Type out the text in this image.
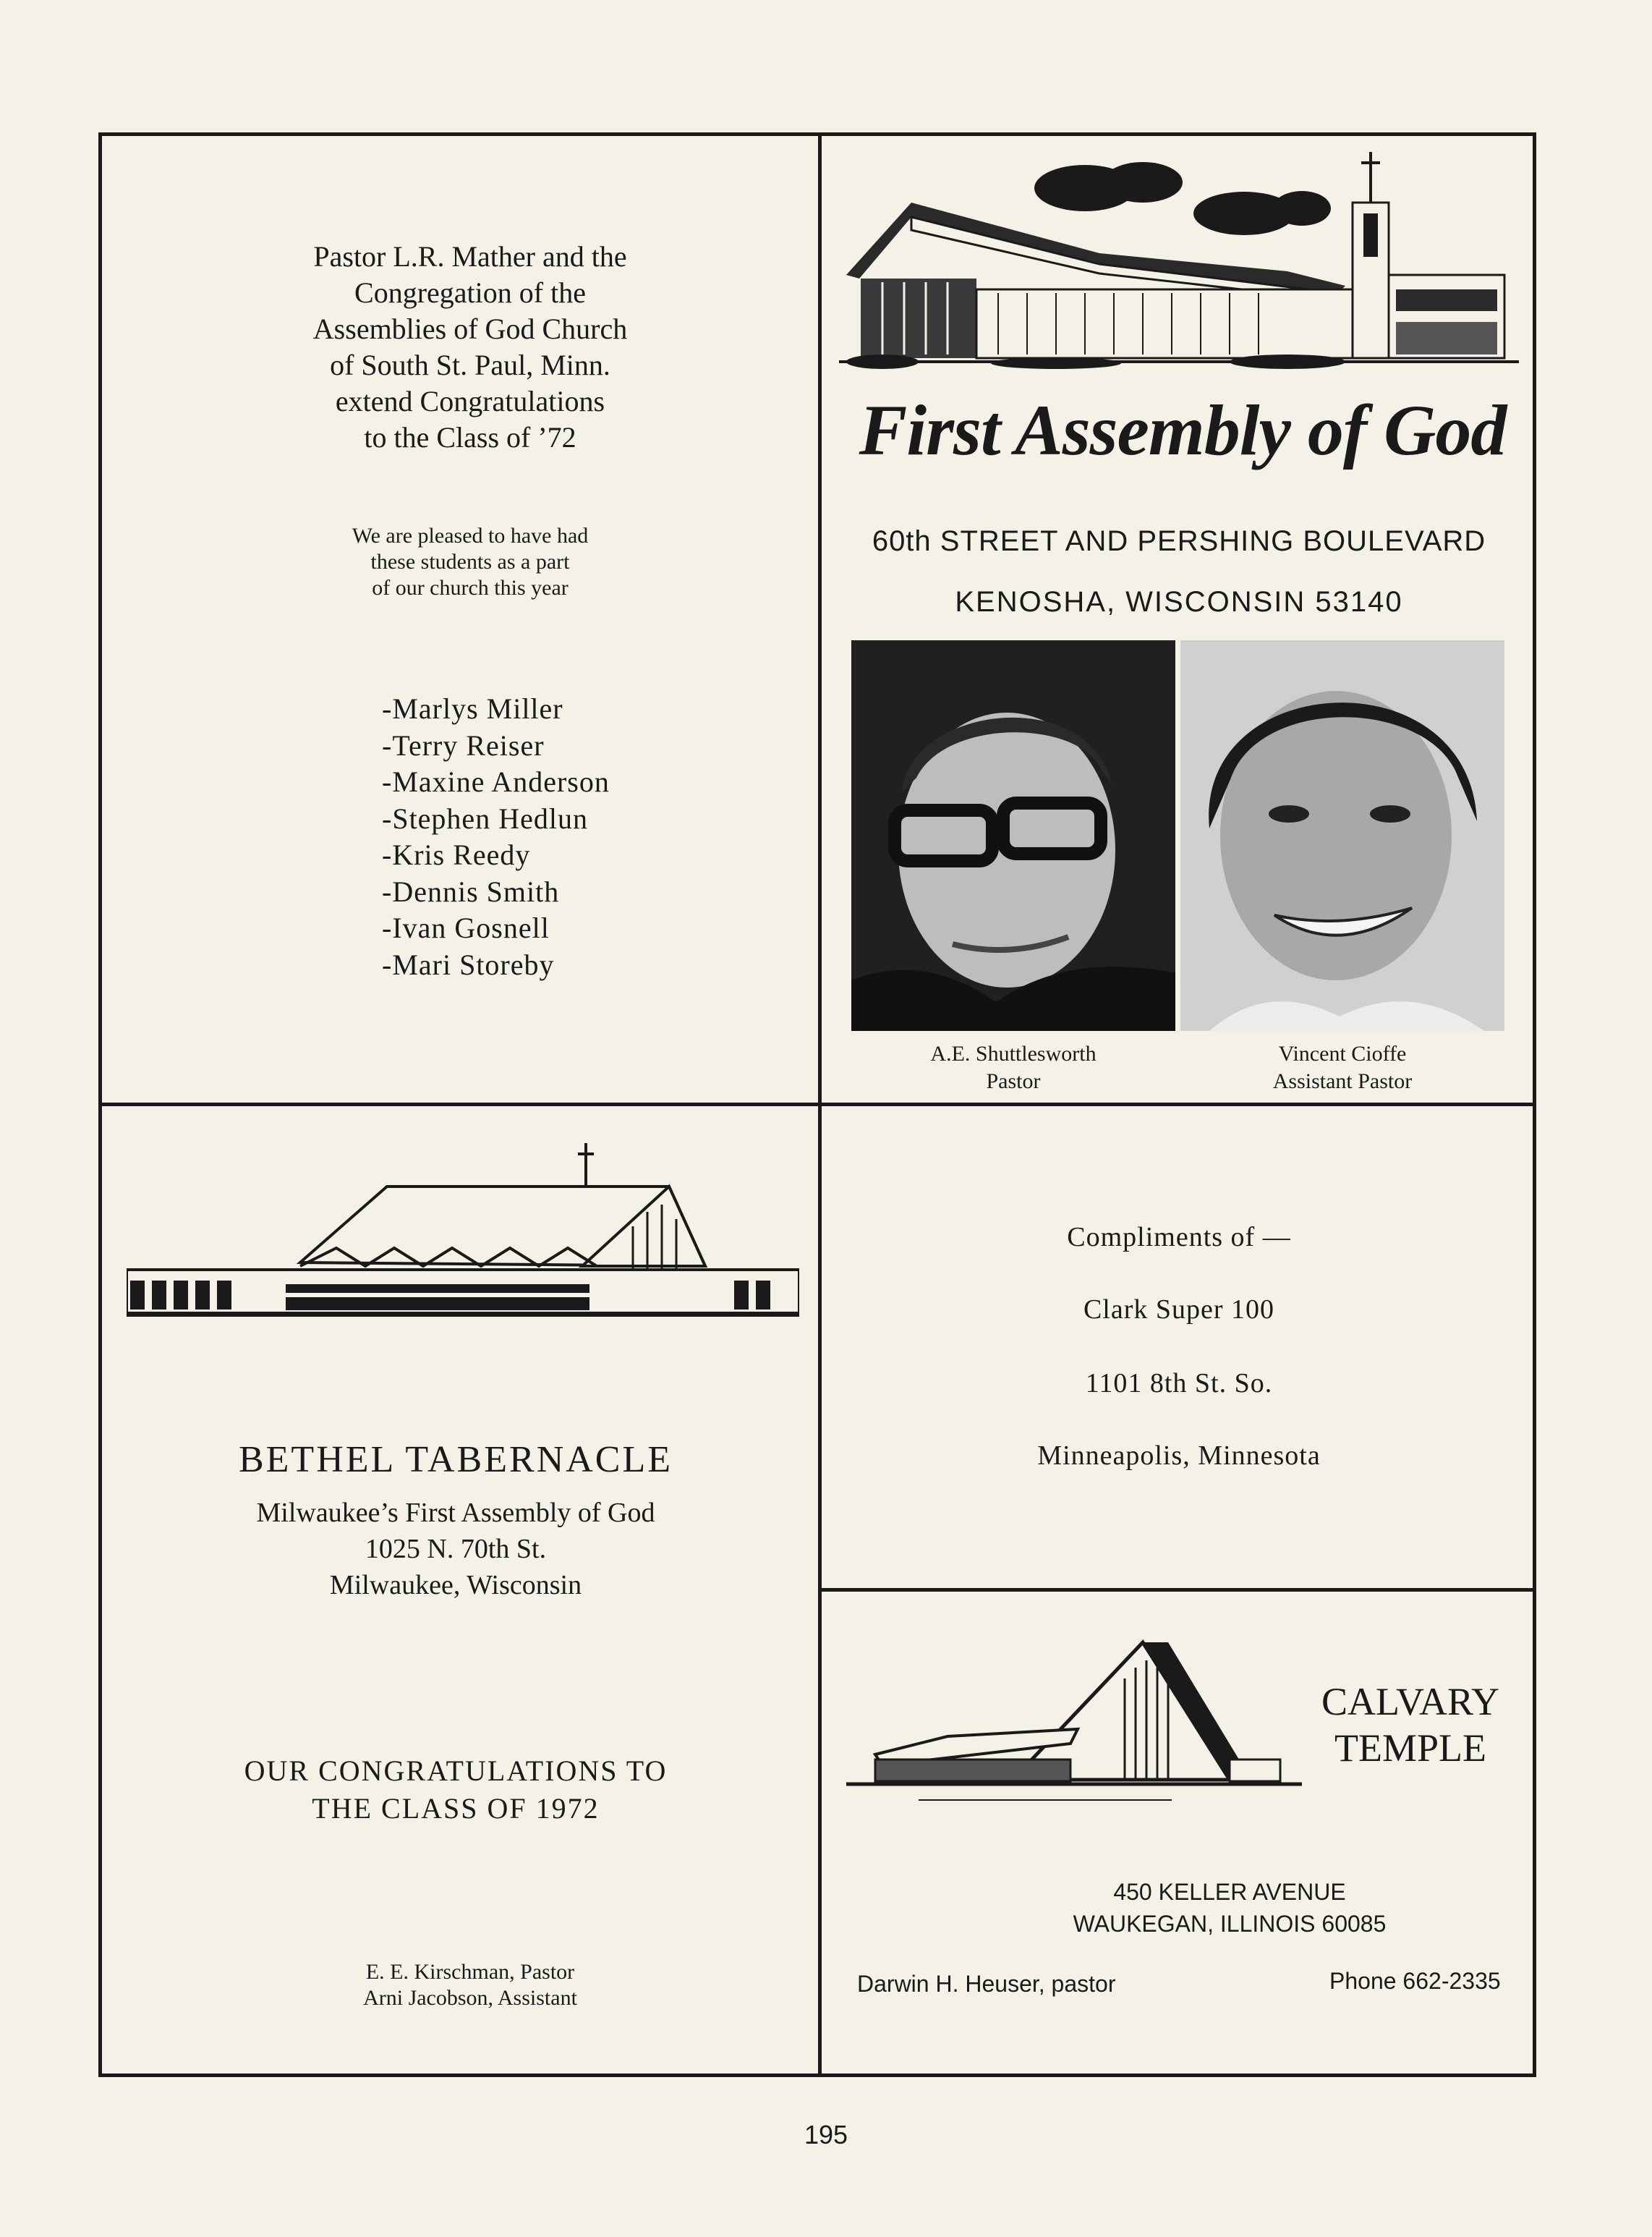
Pastor L.R. Mather and the
Congregation of the
Assemblies of God Church
of South St. Paul, Minn.
extend Congratulations
to the Class of ’72
We are pleased to have had
these students as a part
of our church this year
-Marlys Miller
-Terry Reiser
-Maxine Anderson
-Stephen Hedlun
-Kris Reedy
-Dennis Smith
-Ivan Gosnell
-Mari Storeby
First Assembly of God
60th STREET AND PERSHING BOULEVARD
KENOSHA, WISCONSIN 53140
A.E. Shuttlesworth
Pastor
Vincent Cioffe
Assistant Pastor
BETHEL TABERNACLE
Milwaukee’s First Assembly of God
1025 N. 70th St.
Milwaukee, Wisconsin
OUR CONGRATULATIONS TO
THE CLASS OF 1972
E. E. Kirschman, Pastor
Arni Jacobson, Assistant
Compliments of —
Clark Super 100
1101 8th St. So.
Minneapolis, Minnesota
CALVARY
TEMPLE
450 KELLER AVENUE
WAUKEGAN, ILLINOIS 60085
Darwin H. Heuser, pastor	Phone 662-2335
195
